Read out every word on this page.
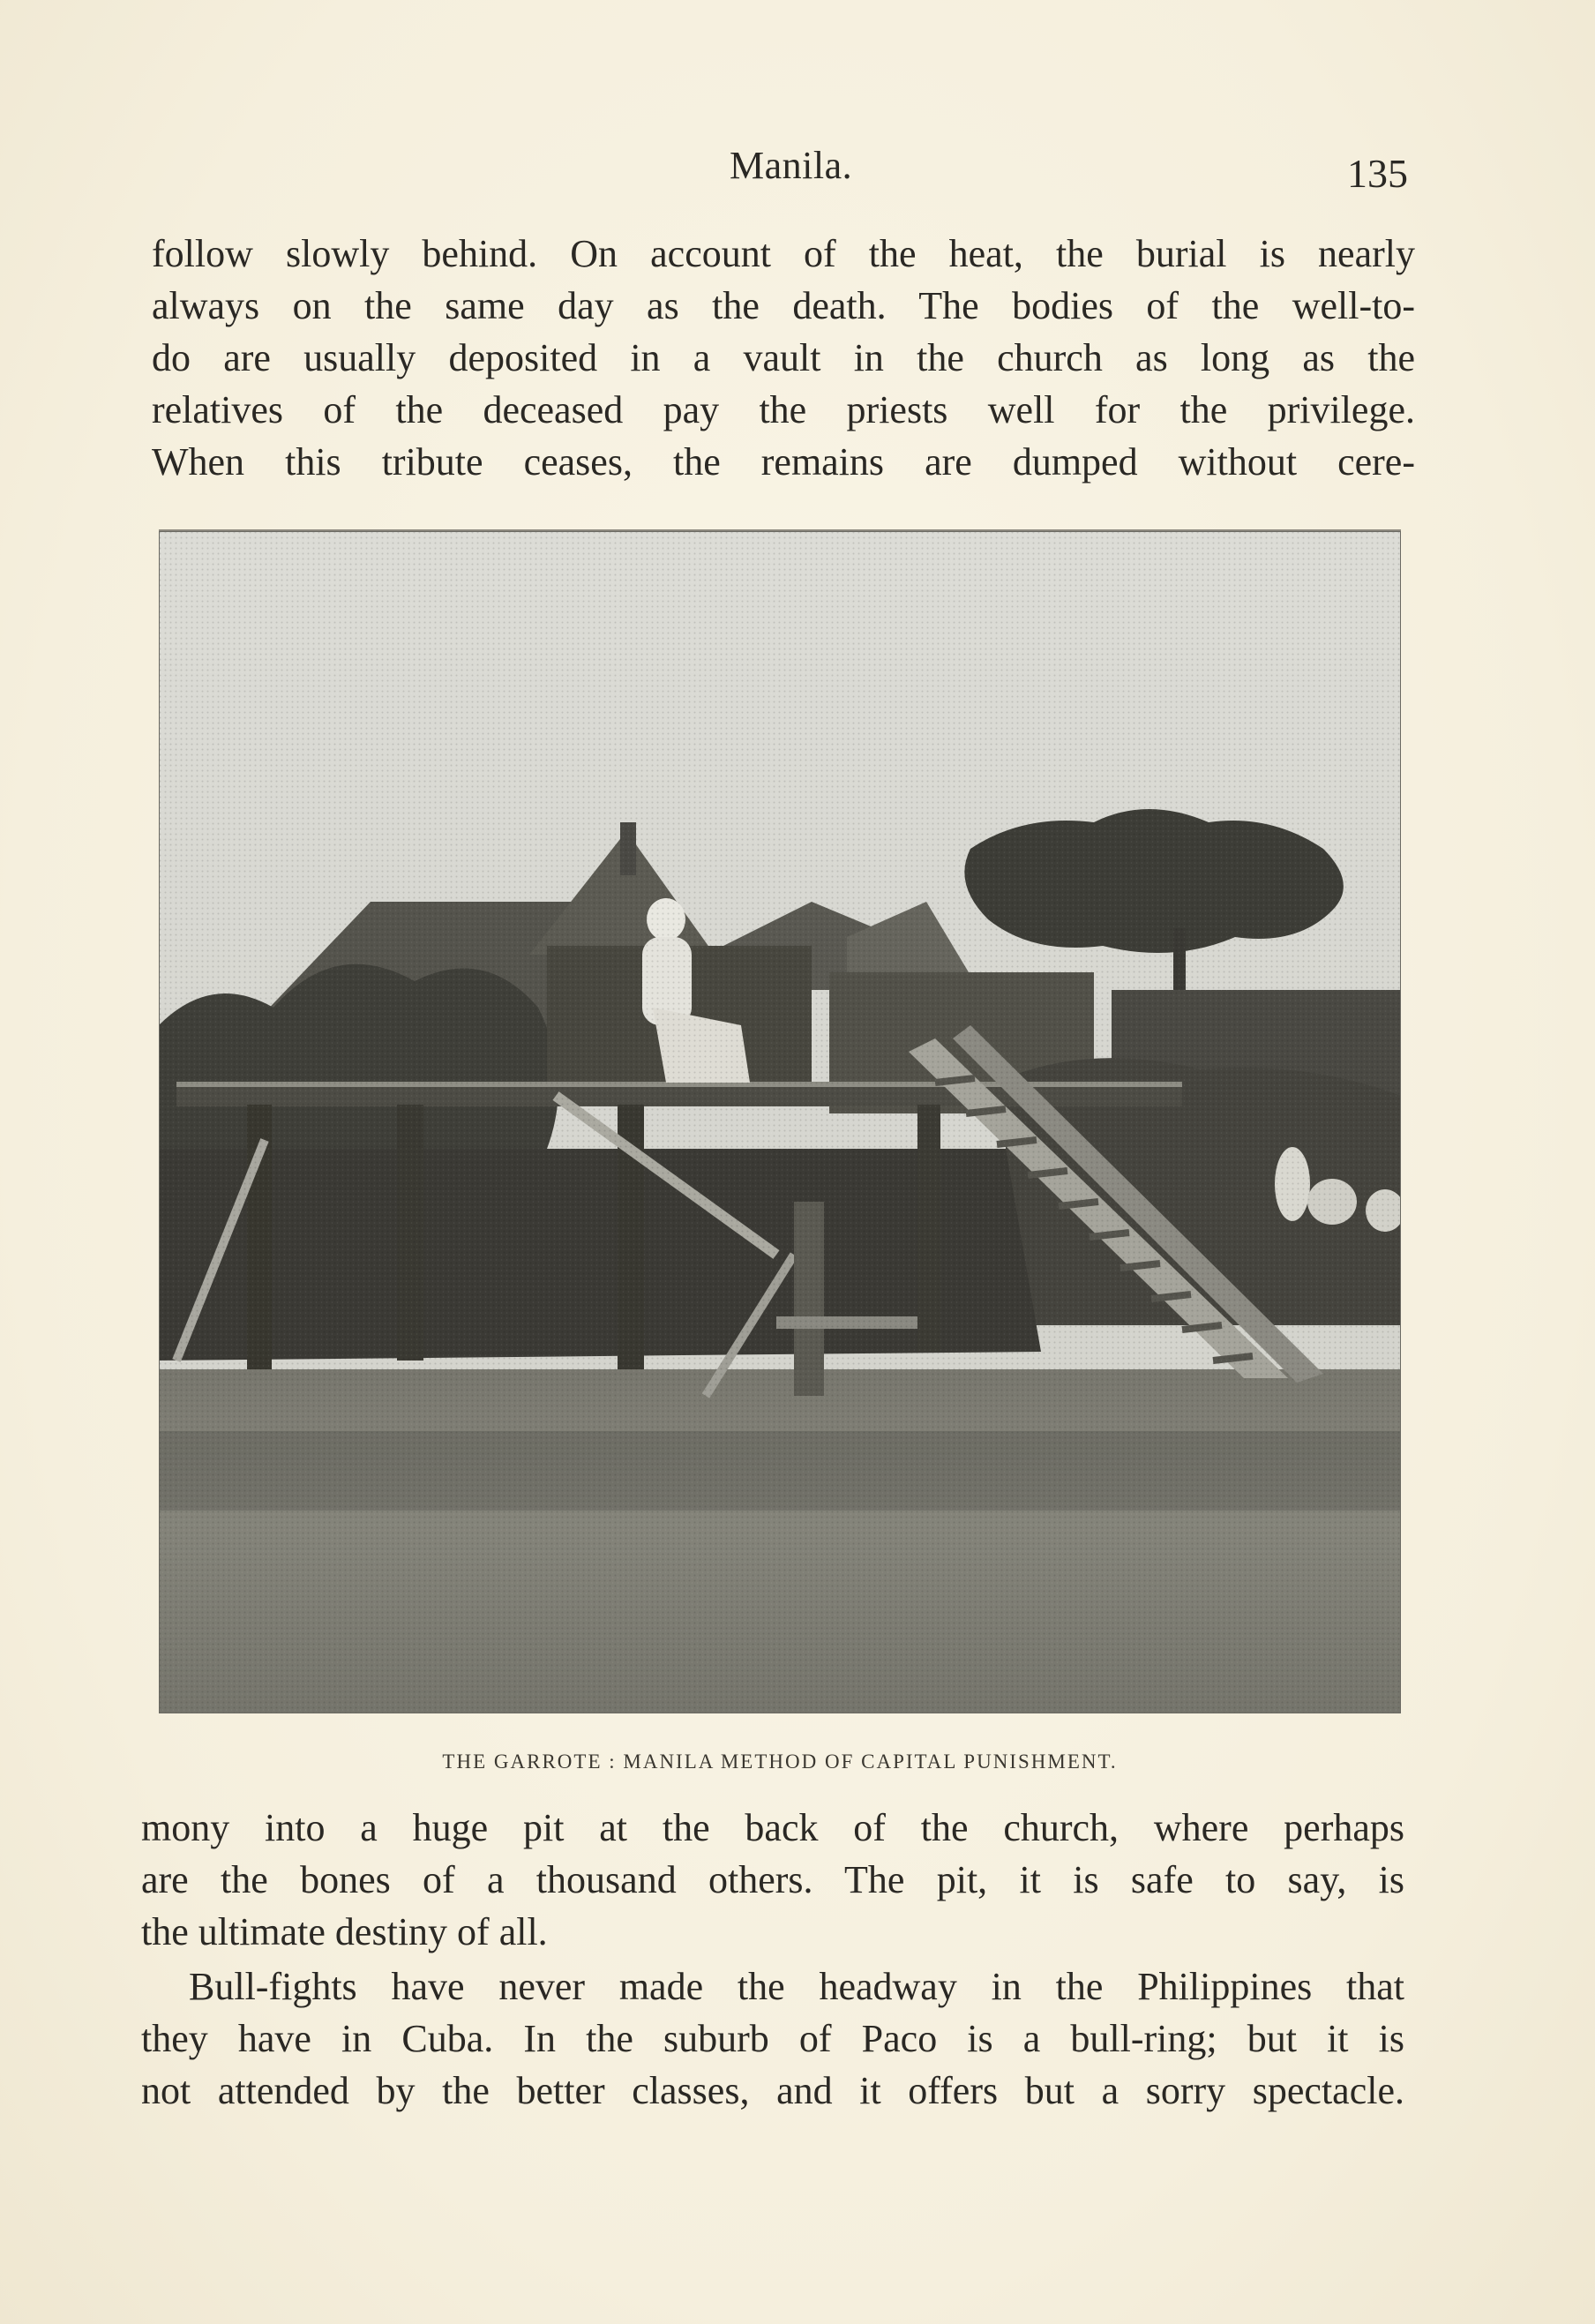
Manila.	135
follow slowly behind. On account of the heat, the burial is nearly
always on the same day as the death. The bodies of the well-to-
do are usually deposited in a vault in the church as long as the
relatives of the deceased pay the priests well for the privilege.
When this tribute ceases, the remains are dumped without cere-
THE GARROTE : MANILA METHOD OF CAPITAL PUNISHMENT.
mony into a huge pit at the back of the church, where perhaps
are the bones of a thousand others. The pit, it is safe to say, is
the ultimate destiny of all.
Bull-fights have never made the headway in the Philippines that
they have in Cuba. In the suburb of Paco is a bull-ring; but it is
not attended by the better classes, and it offers but a sorry spectacle.
